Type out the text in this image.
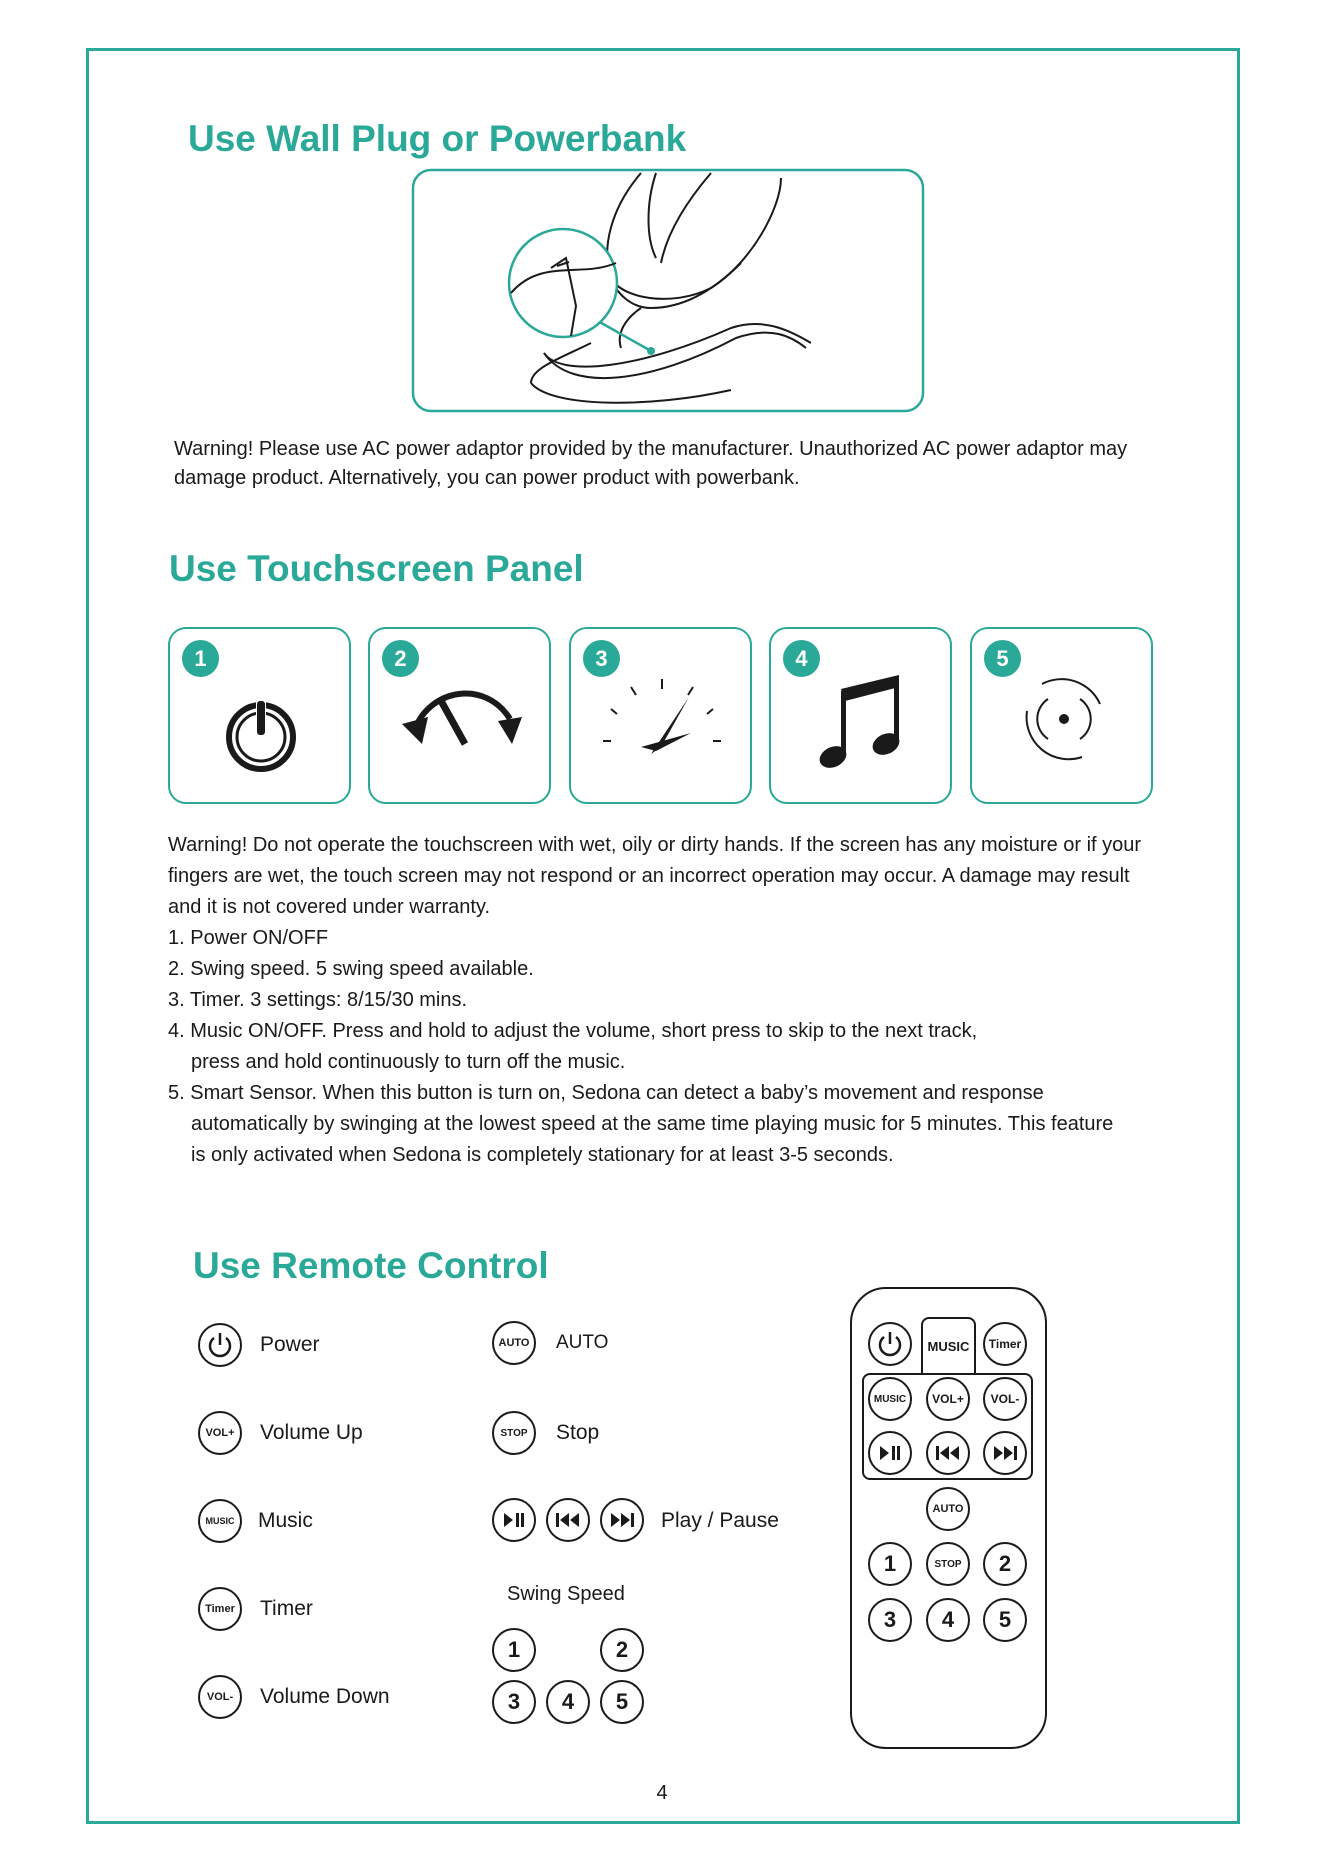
Use Wall Plug or Powerbank
Warning! Please use AC power adaptor provided by the manufacturer. Unauthorized AC power adaptor may
damage product. Alternatively, you can power product with powerbank.
Use Touchscreen Panel
1	2	3	4	5
Warning! Do not operate the touchscreen with wet, oily or dirty hands. If the screen has any moisture or if your
fingers are wet, the touch screen may not respond or an incorrect operation may occur. A damage may result
and it is not covered under warranty.
1. Power ON/OFF
2. Swing speed. 5 swing speed available.
3. Timer. 3 settings: 8/15/30 mins.
4. Music ON/OFF. Press and hold to adjust the volume, short press to skip to the next track,
press and hold continuously to turn off the music.
5. Smart Sensor. When this button is turn on, Sedona can detect a baby’s movement and response
automatically by swinging at the lowest speed at the same time playing music for 5 minutes. This feature
is only activated when Sedona is completely stationary for at least 3-5 seconds.
Use Remote Control
Power
VOL+	Volume Up
MUSIC	Music
Timer	Timer
VOL-	Volume Down
AUTO	AUTO
STOP	Stop
Play / Pause
Swing Speed
1	2
3	4	5
MUSIC	Timer
MUSIC	VOL+	VOL-
AUTO
1	STOP	2
3	4	5
4
